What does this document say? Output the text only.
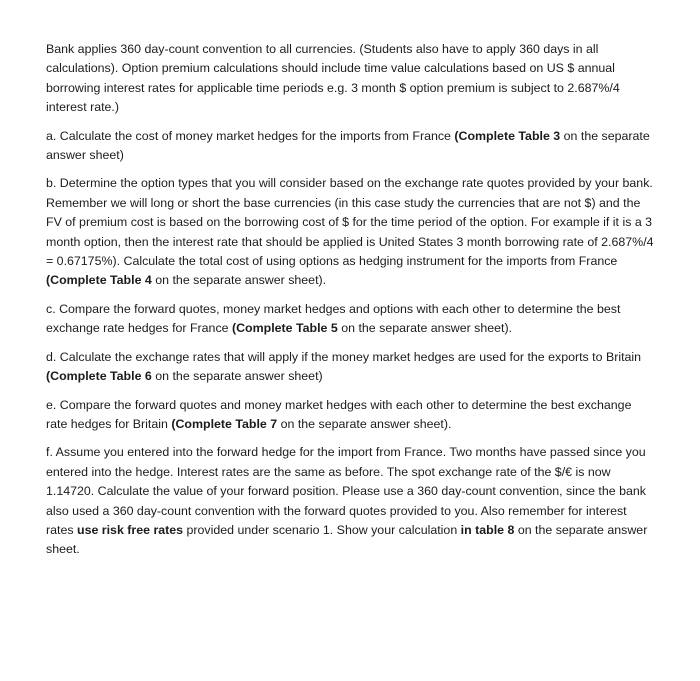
Bank applies 360 day-count convention to all currencies. (Students also have to apply 360 days in all calculations). Option premium calculations should include time value calculations based on US $ annual borrowing interest rates for applicable time periods e.g. 3 month $ option premium is subject to 2.687%/4 interest rate.)

a. Calculate the cost of money market hedges for the imports from France (Complete Table 3 on the separate answer sheet)

b. Determine the option types that you will consider based on the exchange rate quotes provided by your bank. Remember we will long or short the base currencies (in this case study the currencies that are not $) and the FV of premium cost is based on the borrowing cost of $ for the time period of the option. For example if it is a 3 month option, then the interest rate that should be applied is United States 3 month borrowing rate of 2.687%/4 = 0.67175%). Calculate the total cost of using options as hedging instrument for the imports from France (Complete Table 4 on the separate answer sheet).

c. Compare the forward quotes, money market hedges and options with each other to determine the best exchange rate hedges for France (Complete Table 5 on the separate answer sheet).

d. Calculate the exchange rates that will apply if the money market hedges are used for the exports to Britain (Complete Table 6 on the separate answer sheet)

e. Compare the forward quotes and money market hedges with each other to determine the best exchange rate hedges for Britain (Complete Table 7 on the separate answer sheet).

f. Assume you entered into the forward hedge for the import from France. Two months have passed since you entered into the hedge. Interest rates are the same as before. The spot exchange rate of the $/€ is now 1.14720. Calculate the value of your forward position. Please use a 360 day-count convention, since the bank also used a 360 day-count convention with the forward quotes provided to you. Also remember for interest rates use risk free rates provided under scenario 1. Show your calculation in table 8 on the separate answer sheet.
